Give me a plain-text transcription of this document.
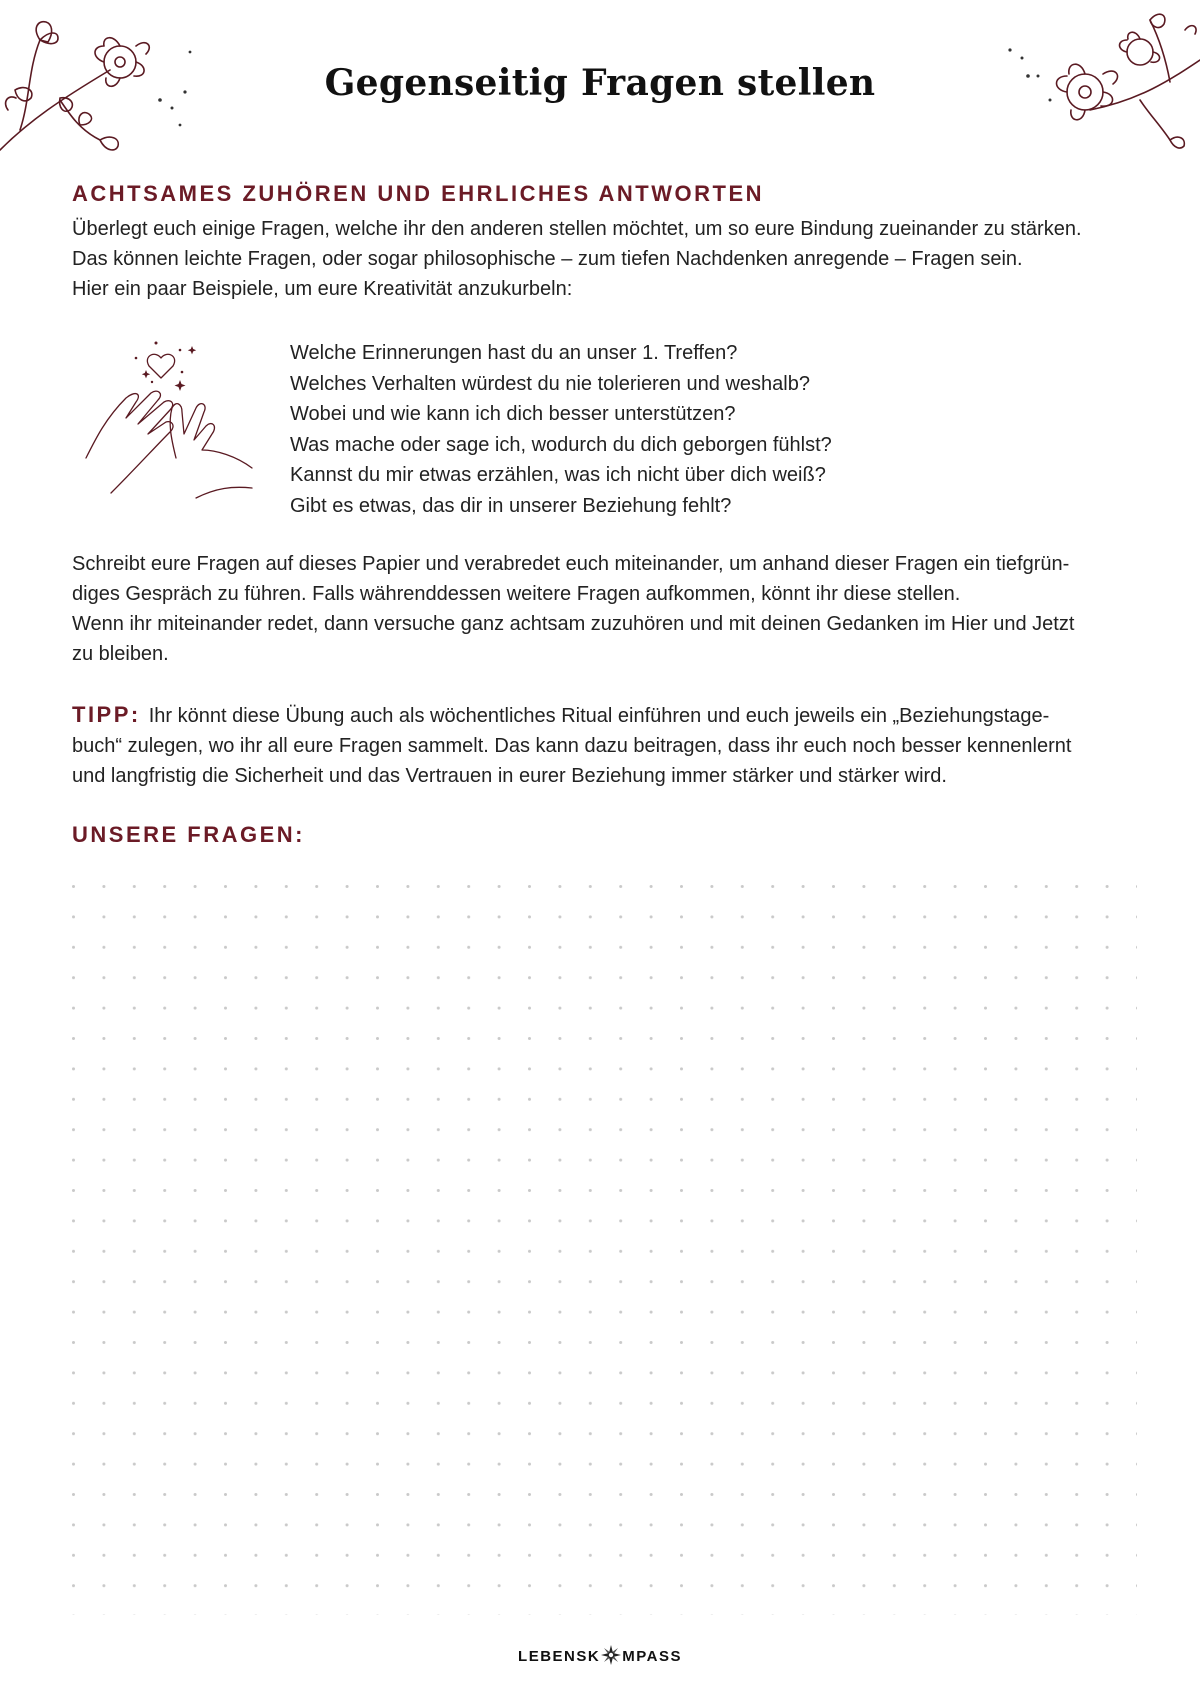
Gegenseitig Fragen stellen
ACHTSAMES ZUHÖREN UND EHRLICHES ANTWORTEN

Überlegt euch einige Fragen, welche ihr den anderen stellen möchtet, um so eure Bindung zueinander zu stärken.

Das können leichte Fragen, oder sogar philosophische – zum tiefen Nachdenken anregende – Fragen sein.

Hier ein paar Beispiele, um eure Kreativität anzukurbeln:

Welche Erinnerungen hast du an unser 1. Treffen?
Welches Verhalten würdest du nie tolerieren und weshalb?
Wobei und wie kann ich dich besser unterstützen?
Was mache oder sage ich, wodurch du dich geborgen fühlst?
Kannst du mir etwas erzählen, was ich nicht über dich weiß?
Gibt es etwas, das dir in unserer Beziehung fehlt?

Schreibt eure Fragen auf dieses Papier und verabredet euch miteinander, um anhand dieser Fragen ein tiefgrün-

diges Gespräch zu führen. Falls währenddessen weitere Fragen aufkommen, könnt ihr diese stellen.

Wenn ihr miteinander redet, dann versuche ganz achtsam zuzuhören und mit deinen Gedanken im Hier und Jetzt

zu bleiben.

TIPP: Ihr könnt diese Übung auch als wöchentliches Ritual einführen und euch jeweils ein „Beziehungstage-

buch“ zulegen, wo ihr all eure Fragen sammelt. Das kann dazu beitragen, dass ihr euch noch besser kennenlernt

und langfristig die Sicherheit und das Vertrauen in eurer Beziehung immer stärker und stärker wird.

UNSERE FRAGEN:
LEBENSK MPASS
